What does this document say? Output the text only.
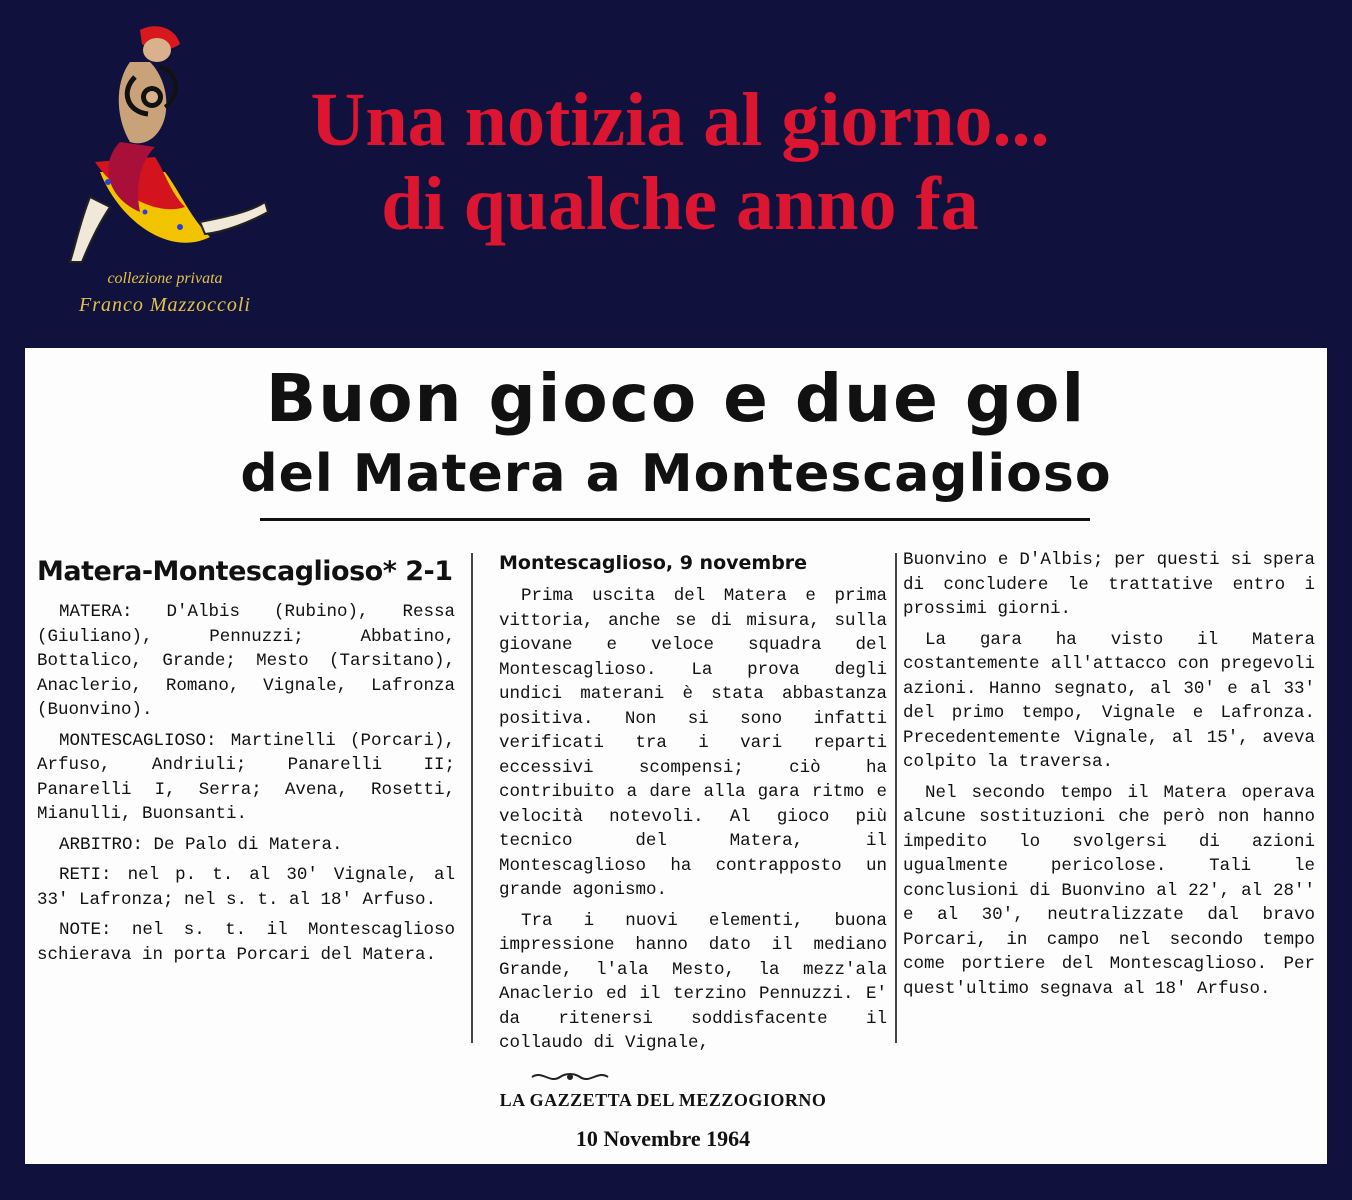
collezione privata
Franco Mazzoccoli
Una notizia al giorno...
di qualche anno fa
Buon gioco e due gol
del Matera a Montescaglioso
Matera-Montescaglioso* 2-1

MATERA: D'Albis (Rubino), Ressa (Giuliano), Pennuzzi; Abbatino, Bottalico, Grande; Mesto (Tarsitano), Anaclerio, Romano, Vignale, Lafronza (Buonvino).

MONTESCAGLIOSO: Martinelli (Porcari), Arfuso, Andriuli; Panarelli II; Panarelli I, Serra; Avena, Rosetti, Mianulli, Buonsanti.

ARBITRO: De Palo di Matera.

RETI: nel p. t. al 30' Vignale, al 33' Lafronza; nel s. t. al 18' Arfuso.

NOTE: nel s. t. il Montescaglioso schierava in porta Porcari del Matera.

Montescaglioso, 9 novembre

Prima uscita del Matera e prima vittoria, anche se di misura, sulla giovane e veloce squadra del Montescaglioso. La prova degli undici materani è stata abbastanza positiva. Non si sono infatti verificati tra i vari reparti eccessivi scompensi; ciò ha contribuito a dare alla gara ritmo e velocità notevoli. Al gioco più tecnico del Matera, il Montescaglioso ha contrapposto un grande agonismo.

Tra i nuovi elementi, buona impressione hanno dato il mediano Grande, l'ala Mesto, la mezz'ala Anaclerio ed il terzino Pennuzzi. E' da ritenersi soddisfacente il collaudo di Vignale,

Buonvino e D'Albis; per questi si spera di concludere le trattative entro i prossimi giorni.

La gara ha visto il Matera costantemente all'attacco con pregevoli azioni. Hanno segnato, al 30' e al 33' del primo tempo, Vignale e Lafronza. Precedentemente Vignale, al 15', aveva colpito la traversa.

Nel secondo tempo il Matera operava alcune sostituzioni che però non hanno impedito lo svolgersi di azioni ugualmente pericolose. Tali le conclusioni di Buonvino al 22', al 28'' e al 30', neutralizzate dal bravo Porcari, in campo nel secondo tempo come portiere del Montescaglioso. Per quest'ultimo segnava al 18' Arfuso.

LA GAZZETTA DEL MEZZOGIORNO
10 Novembre 1964
